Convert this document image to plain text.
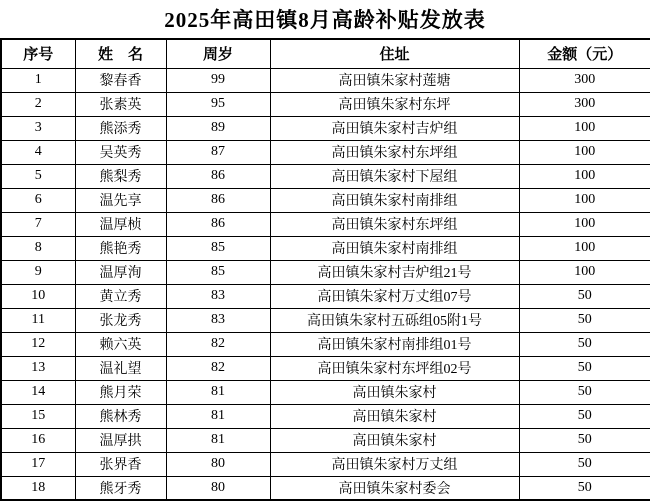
2025年高田镇8月高龄补贴发放表
序号	姓　名	周岁	住址	金额（元）
1	黎春香	99	高田镇朱家村莲塘	300
2	张素英	95	高田镇朱家村东坪	300
3	熊添秀	89	高田镇朱家村吉炉组	100
4	吴英秀	87	高田镇朱家村东坪组	100
5	熊梨秀	86	高田镇朱家村下屋组	100
6	温先享	86	高田镇朱家村南排组	100
7	温厚桢	86	高田镇朱家村东坪组	100
8	熊艳秀	85	高田镇朱家村南排组	100
9	温厚洵	85	高田镇朱家村吉炉组21号	100
10	黄立秀	83	高田镇朱家村万丈组07号	50
11	张龙秀	83	高田镇朱家村五砾组05附1号	50
12	赖六英	82	高田镇朱家村南排组01号	50
13	温礼望	82	高田镇朱家村东坪组02号	50
14	熊月荣	81	高田镇朱家村	50
15	熊林秀	81	高田镇朱家村	50
16	温厚拱	81	高田镇朱家村	50
17	张界香	80	高田镇朱家村万丈组	50
18	熊牙秀	80	高田镇朱家村委会	50
